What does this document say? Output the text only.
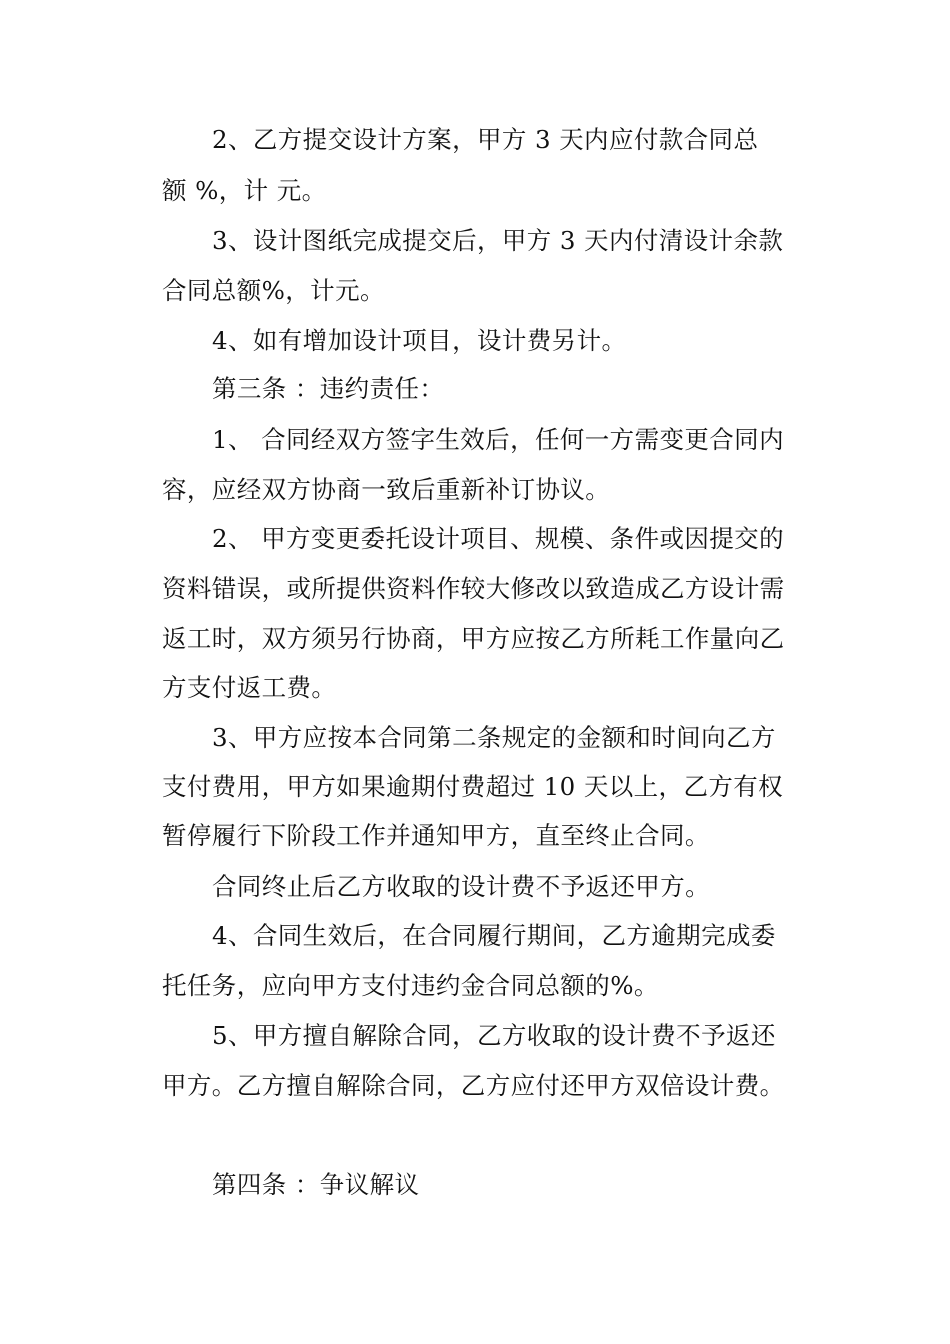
2、乙方提交设计方案，甲方 3 天内应付款合同总
额 %，计 元。
3、设计图纸完成提交后，甲方 3 天内付清设计余款
合同总额%，计元。
4、如有增加设计项目，设计费另计。
第三条 ：违约责任：
1、 合同经双方签字生效后，任何一方需变更合同内
容，应经双方协商一致后重新补订协议。
2、 甲方变更委托设计项目、规模、条件或因提交的
资料错误，或所提供资料作较大修改以致造成乙方设计需
返工时，双方须另行协商，甲方应按乙方所耗工作量向乙
方支付返工费。
3、甲方应按本合同第二条规定的金额和时间向乙方
支付费用，甲方如果逾期付费超过 10 天以上，乙方有权
暂停履行下阶段工作并通知甲方，直至终止合同。
合同终止后乙方收取的设计费不予返还甲方。
4、合同生效后，在合同履行期间，乙方逾期完成委
托任务，应向甲方支付违约金合同总额的%。
5、甲方擅自解除合同，乙方收取的设计费不予返还
甲方。乙方擅自解除合同，乙方应付还甲方双倍设计费。
第四条 ：争议解议
